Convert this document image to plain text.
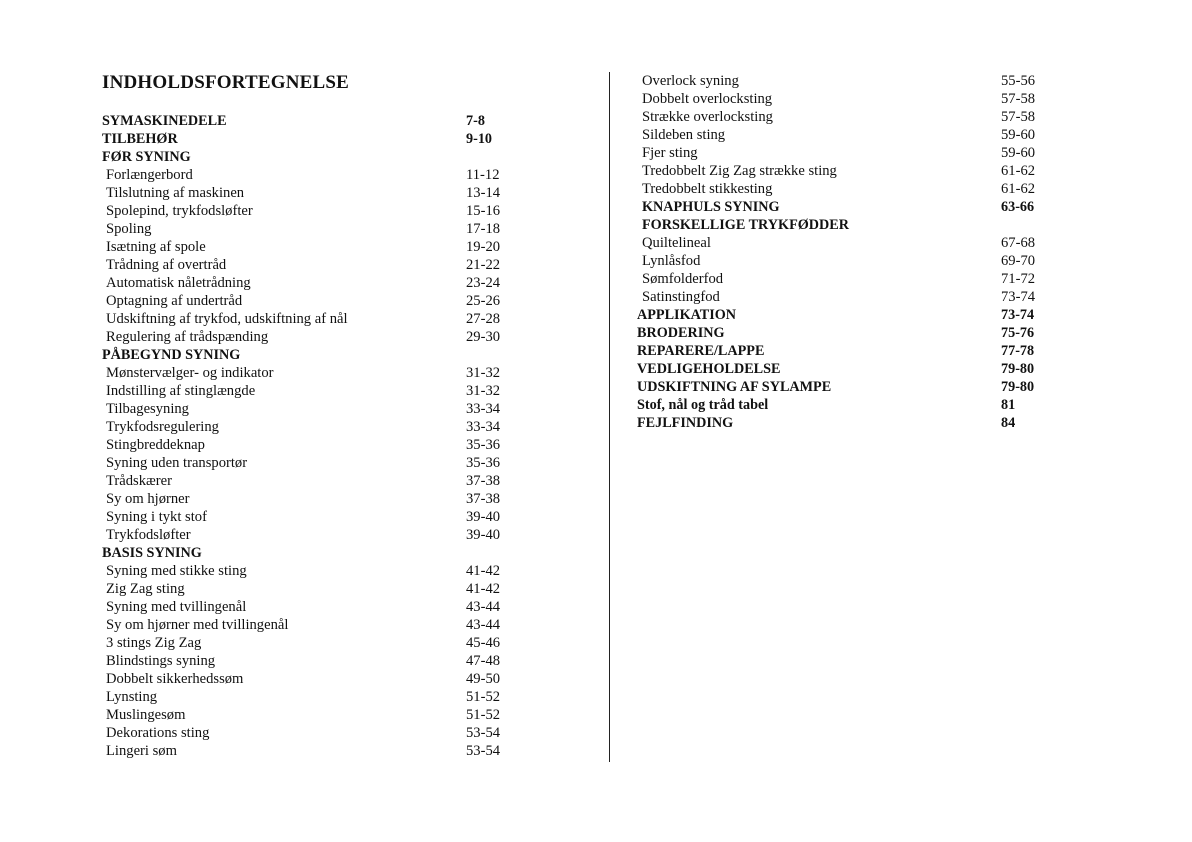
INDHOLDSFORTEGNELSE
SYMASKINEDELE	7-8
TILBEHØR	9-10
FØR SYNING
Forlængerbord	11-12
Tilslutning af maskinen	13-14
Spolepind, trykfodsløfter	15-16
Spoling	17-18
Isætning af spole	19-20
Trådning af overtråd	21-22
Automatisk nåletrådning	23-24
Optagning af undertråd	25-26
Udskiftning af trykfod, udskiftning af nål	27-28
Regulering af trådspænding	29-30
PÅBEGYND SYNING
Mønstervælger- og indikator	31-32
Indstilling af stinglængde	31-32
Tilbagesyning	33-34
Trykfodsregulering	33-34
Stingbreddeknap	35-36
Syning uden transportør	35-36
Trådskærer	37-38
Sy om hjørner	37-38
Syning i tykt stof	39-40
Trykfodsløfter	39-40
BASIS SYNING
Syning med stikke sting	41-42
Zig Zag sting	41-42
Syning med tvillingenål	43-44
Sy om hjørner med tvillingenål	43-44
3 stings Zig Zag	45-46
Blindstings syning	47-48
Dobbelt sikkerhedssøm	49-50
Lynsting	51-52
Muslingesøm	51-52
Dekorations sting	53-54
Lingeri søm	53-54
Overlock syning	55-56
Dobbelt overlocksting	57-58
Strække overlocksting	57-58
Sildeben sting	59-60
Fjer sting	59-60
Tredobbelt Zig Zag strække sting	61-62
Tredobbelt stikkesting	61-62
KNAPHULS SYNING	63-66
FORSKELLIGE TRYKFØDDER
Quiltelineal	67-68
Lynlåsfod	69-70
Sømfolderfod	71-72
Satinstingfod	73-74
APPLIKATION	73-74
BRODERING	75-76
REPARERE/LAPPE	77-78
VEDLIGEHOLDELSE	79-80
UDSKIFTNING AF SYLAMPE	79-80
Stof, nål og tråd tabel	81
FEJLFINDING	84
